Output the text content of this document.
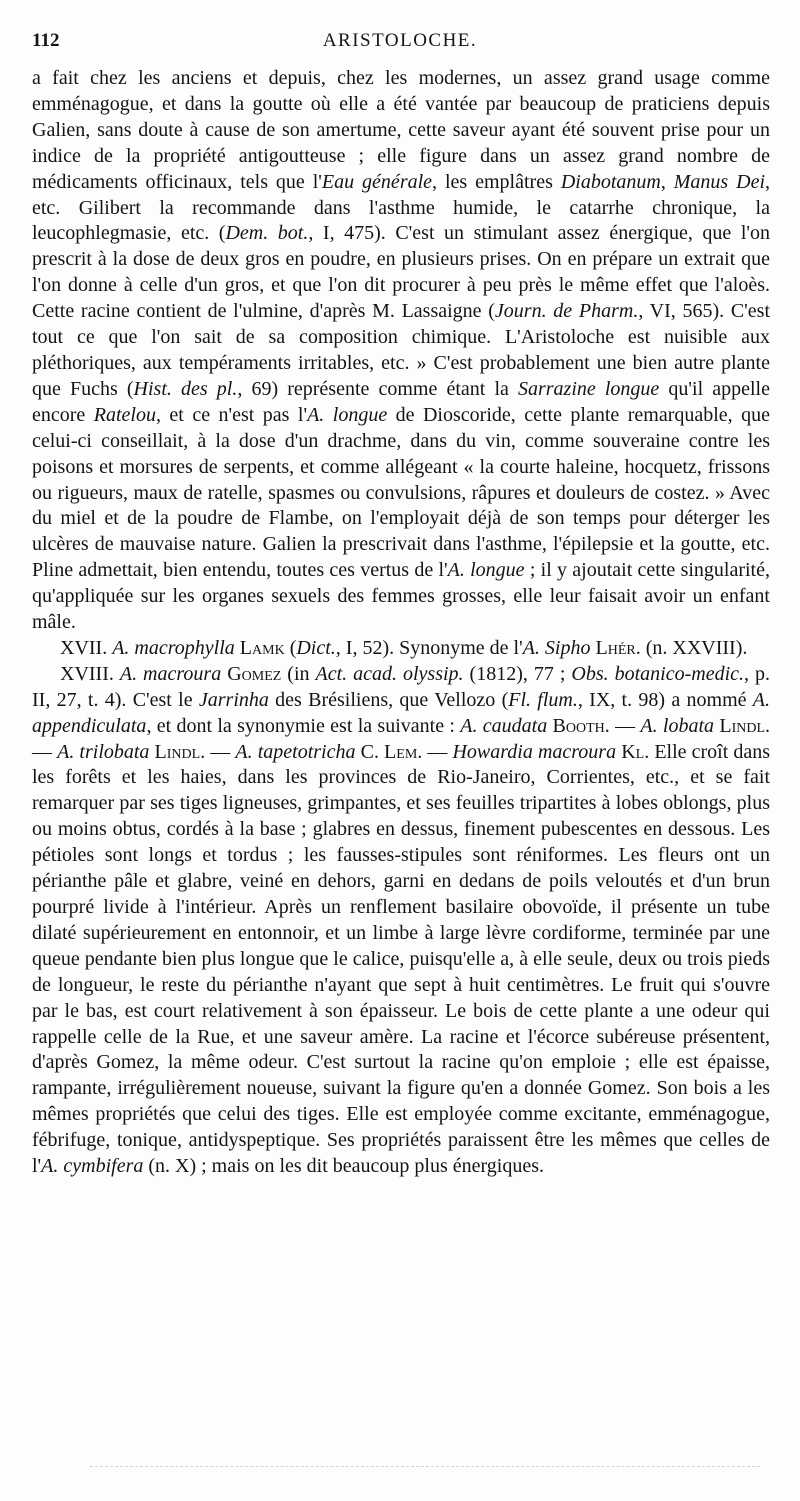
112	ARISTOLOCHE.

a fait chez les anciens et depuis, chez les modernes, un assez grand usage comme emménagogue, et dans la goutte où elle a été vantée par beaucoup de praticiens depuis Galien, sans doute à cause de son amertume, cette saveur ayant été souvent prise pour un indice de la propriété antigoutteuse ; elle figure dans un assez grand nombre de médicaments officinaux, tels que l'Eau générale, les emplâtres Diabotanum, Manus Dei, etc. Gilibert la recommande dans l'asthme humide, le catarrhe chronique, la leucophlegmasie, etc. (Dem. bot., I, 475). C'est un stimulant assez énergique, que l'on prescrit à la dose de deux gros en poudre, en plusieurs prises. On en prépare un extrait que l'on donne à celle d'un gros, et que l'on dit procurer à peu près le même effet que l'aloès. Cette racine contient de l'ulmine, d'après M. Lassaigne (Journ. de Pharm., VI, 565). C'est tout ce que l'on sait de sa composition chimique. L'Aristoloche est nuisible aux pléthoriques, aux tempéraments irritables, etc. » C'est probablement une bien autre plante que Fuchs (Hist. des pl., 69) représente comme étant la Sarrazine longue qu'il appelle encore Ratelou, et ce n'est pas l'A. longue de Dioscoride, cette plante remarquable, que celui-ci conseillait, à la dose d'un drachme, dans du vin, comme souveraine contre les poisons et morsures de serpents, et comme allégeant « la courte haleine, hocquetz, frissons ou rigueurs, maux de ratelle, spasmes ou convulsions, râpures et douleurs de costez. » Avec du miel et de la poudre de Flambe, on l'employait déjà de son temps pour déterger les ulcères de mauvaise nature. Galien la prescrivait dans l'asthme, l'épilepsie et la goutte, etc. Pline admettait, bien entendu, toutes ces vertus de l'A. longue ; il y ajoutait cette singularité, qu'appliquée sur les organes sexuels des femmes grosses, elle leur faisait avoir un enfant mâle.

XVII. A. macrophylla Lamk (Dict., I, 52). Synonyme de l'A. Sipho Lhér. (n. XXVIII).

XVIII. A. macroura Gomez (in Act. acad. olyssip. (1812), 77 ; Obs. botanico-medic., p. II, 27, t. 4). C'est le Jarrinha des Brésiliens, que Vellozo (Fl. flum., IX, t. 98) a nommé A. appendiculata, et dont la synonymie est la suivante : A. caudata Booth. — A. lobata Lindl. — A. trilobata Lindl. — A. tapetotricha C. Lem. — Howardia macroura Kl. Elle croît dans les forêts et les haies, dans les provinces de Rio-Janeiro, Corrientes, etc., et se fait remarquer par ses tiges ligneuses, grimpantes, et ses feuilles tripartites à lobes oblongs, plus ou moins obtus, cordés à la base ; glabres en dessus, finement pubescentes en dessous. Les pétioles sont longs et tordus ; les fausses-stipules sont réniformes. Les fleurs ont un périanthe pâle et glabre, veiné en dehors, garni en dedans de poils veloutés et d'un brun pourpré livide à l'intérieur. Après un renflement basilaire obovoïde, il présente un tube dilaté supérieurement en entonnoir, et un limbe à large lèvre cordiforme, terminée par une queue pendante bien plus longue que le calice, puisqu'elle a, à elle seule, deux ou trois pieds de longueur, le reste du périanthe n'ayant que sept à huit centimètres. Le fruit qui s'ouvre par le bas, est court relativement à son épaisseur. Le bois de cette plante a une odeur qui rappelle celle de la Rue, et une saveur amère. La racine et l'écorce subéreuse présentent, d'après Gomez, la même odeur. C'est surtout la racine qu'on emploie ; elle est épaisse, rampante, irrégulièrement noueuse, suivant la figure qu'en a donnée Gomez. Son bois a les mêmes propriétés que celui des tiges. Elle est employée comme excitante, emménagogue, fébrifuge, tonique, antidyspeptique. Ses propriétés paraissent être les mêmes que celles de l'A. cymbifera (n. X) ; mais on les dit beaucoup plus énergiques.
